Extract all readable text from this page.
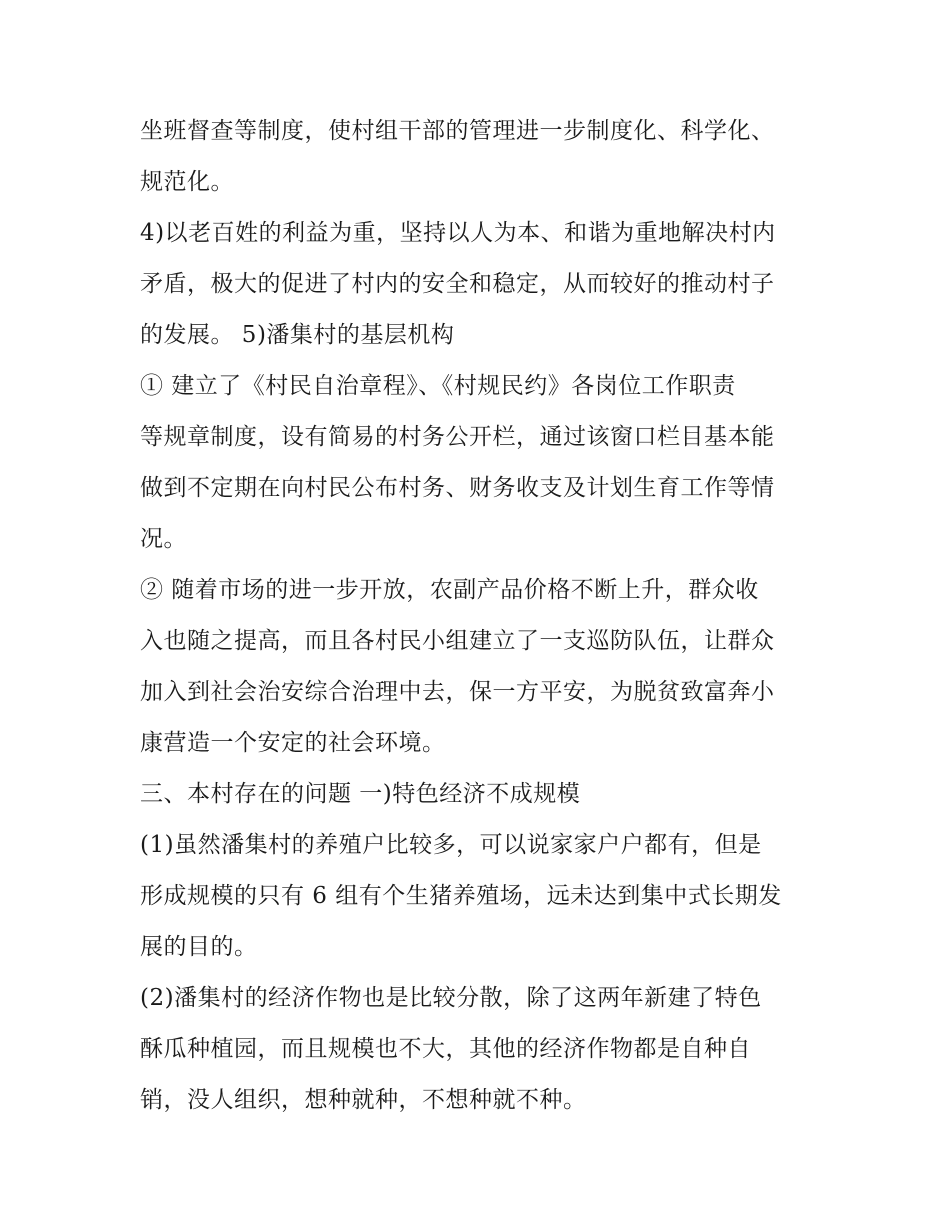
坐班督查等制度，使村组干部的管理进一步制度化、科学化、
规范化。
4)以老百姓的利益为重，坚持以人为本、和谐为重地解决村内
矛盾，极大的促进了村内的安全和稳定，从而较好的推动村子
的发展。 5)潘集村的基层机构
① 建立了《村民自治章程》、《村规民约》各岗位工作职责
等规章制度，设有简易的村务公开栏，通过该窗口栏目基本能
做到不定期在向村民公布村务、财务收支及计划生育工作等情
况。
② 随着市场的进一步开放，农副产品价格不断上升，群众收
入也随之提高，而且各村民小组建立了一支巡防队伍，让群众
加入到社会治安综合治理中去，保一方平安，为脱贫致富奔小
康营造一个安定的社会环境。
三、本村存在的问题 一)特色经济不成规模
(1)虽然潘集村的养殖户比较多，可以说家家户户都有，但是
形成规模的只有 6 组有个生猪养殖场，远未达到集中式长期发
展的目的。
(2)潘集村的经济作物也是比较分散，除了这两年新建了特色
酥瓜种植园，而且规模也不大，其他的经济作物都是自种自
销，没人组织，想种就种，不想种就不种。
